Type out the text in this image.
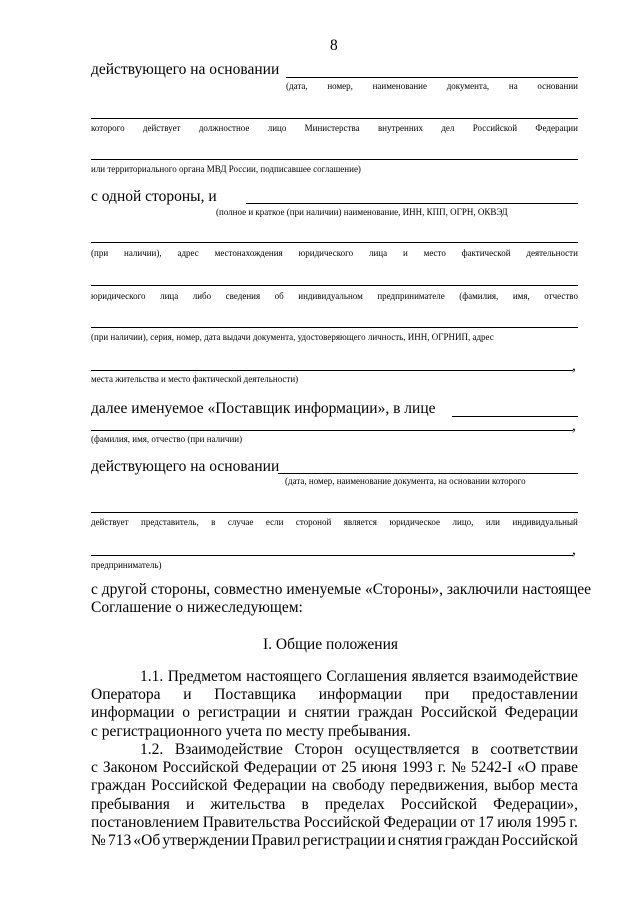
8
действующего на основании
(дата, номер, наименование документа, на основании
которого действует должностное лицо Министерства внутренних дел Российской Федерации
или территориального органа МВД России, подписавшее соглашение)
с одной стороны, и
(полное и краткое (при наличии) наименование, ИНН, КПП, ОГРН, ОКВЭД
(при наличии), адрес местонахождения юридического лица и место фактической деятельности
юридического лица либо сведения об индивидуальном предпринимателе (фамилия, имя, отчество
(при наличии), серия, номер, дата выдачи документа, удостоверяющего личность, ИНН, ОГРНИП, адрес
,
места жительства и место фактической деятельности)
далее именуемое «Поставщик информации», в лице
,
(фамилия, имя, отчество (при наличии)
действующего на основании
(дата, номер, наименование документа, на основании которого
действует представитель, в случае если стороной является юридическое лицо, или индивидуальный
,
предприниматель)
с другой стороны, совместно именуемые «Стороны», заключили настоящее
Соглашение о нижеследующем:
I. Общие положения
1.1. Предметом настоящего Соглашения является взаимодействие
Оператора и Поставщика информации при предоставлении
информации о регистрации и снятии граждан Российской Федерации
с регистрационного учета по месту пребывания.
1.2. Взаимодействие Сторон осуществляется в соответствии
с Законом Российской Федерации от 25 июня 1993 г. № 5242-I «О праве
граждан Российской Федерации на свободу передвижения, выбор места
пребывания и жительства в пределах Российской Федерации»,
постановлением Правительства Российской Федерации от 17 июля 1995 г.
№ 713 «Об утверждении Правил регистрации и снятия граждан Российской
